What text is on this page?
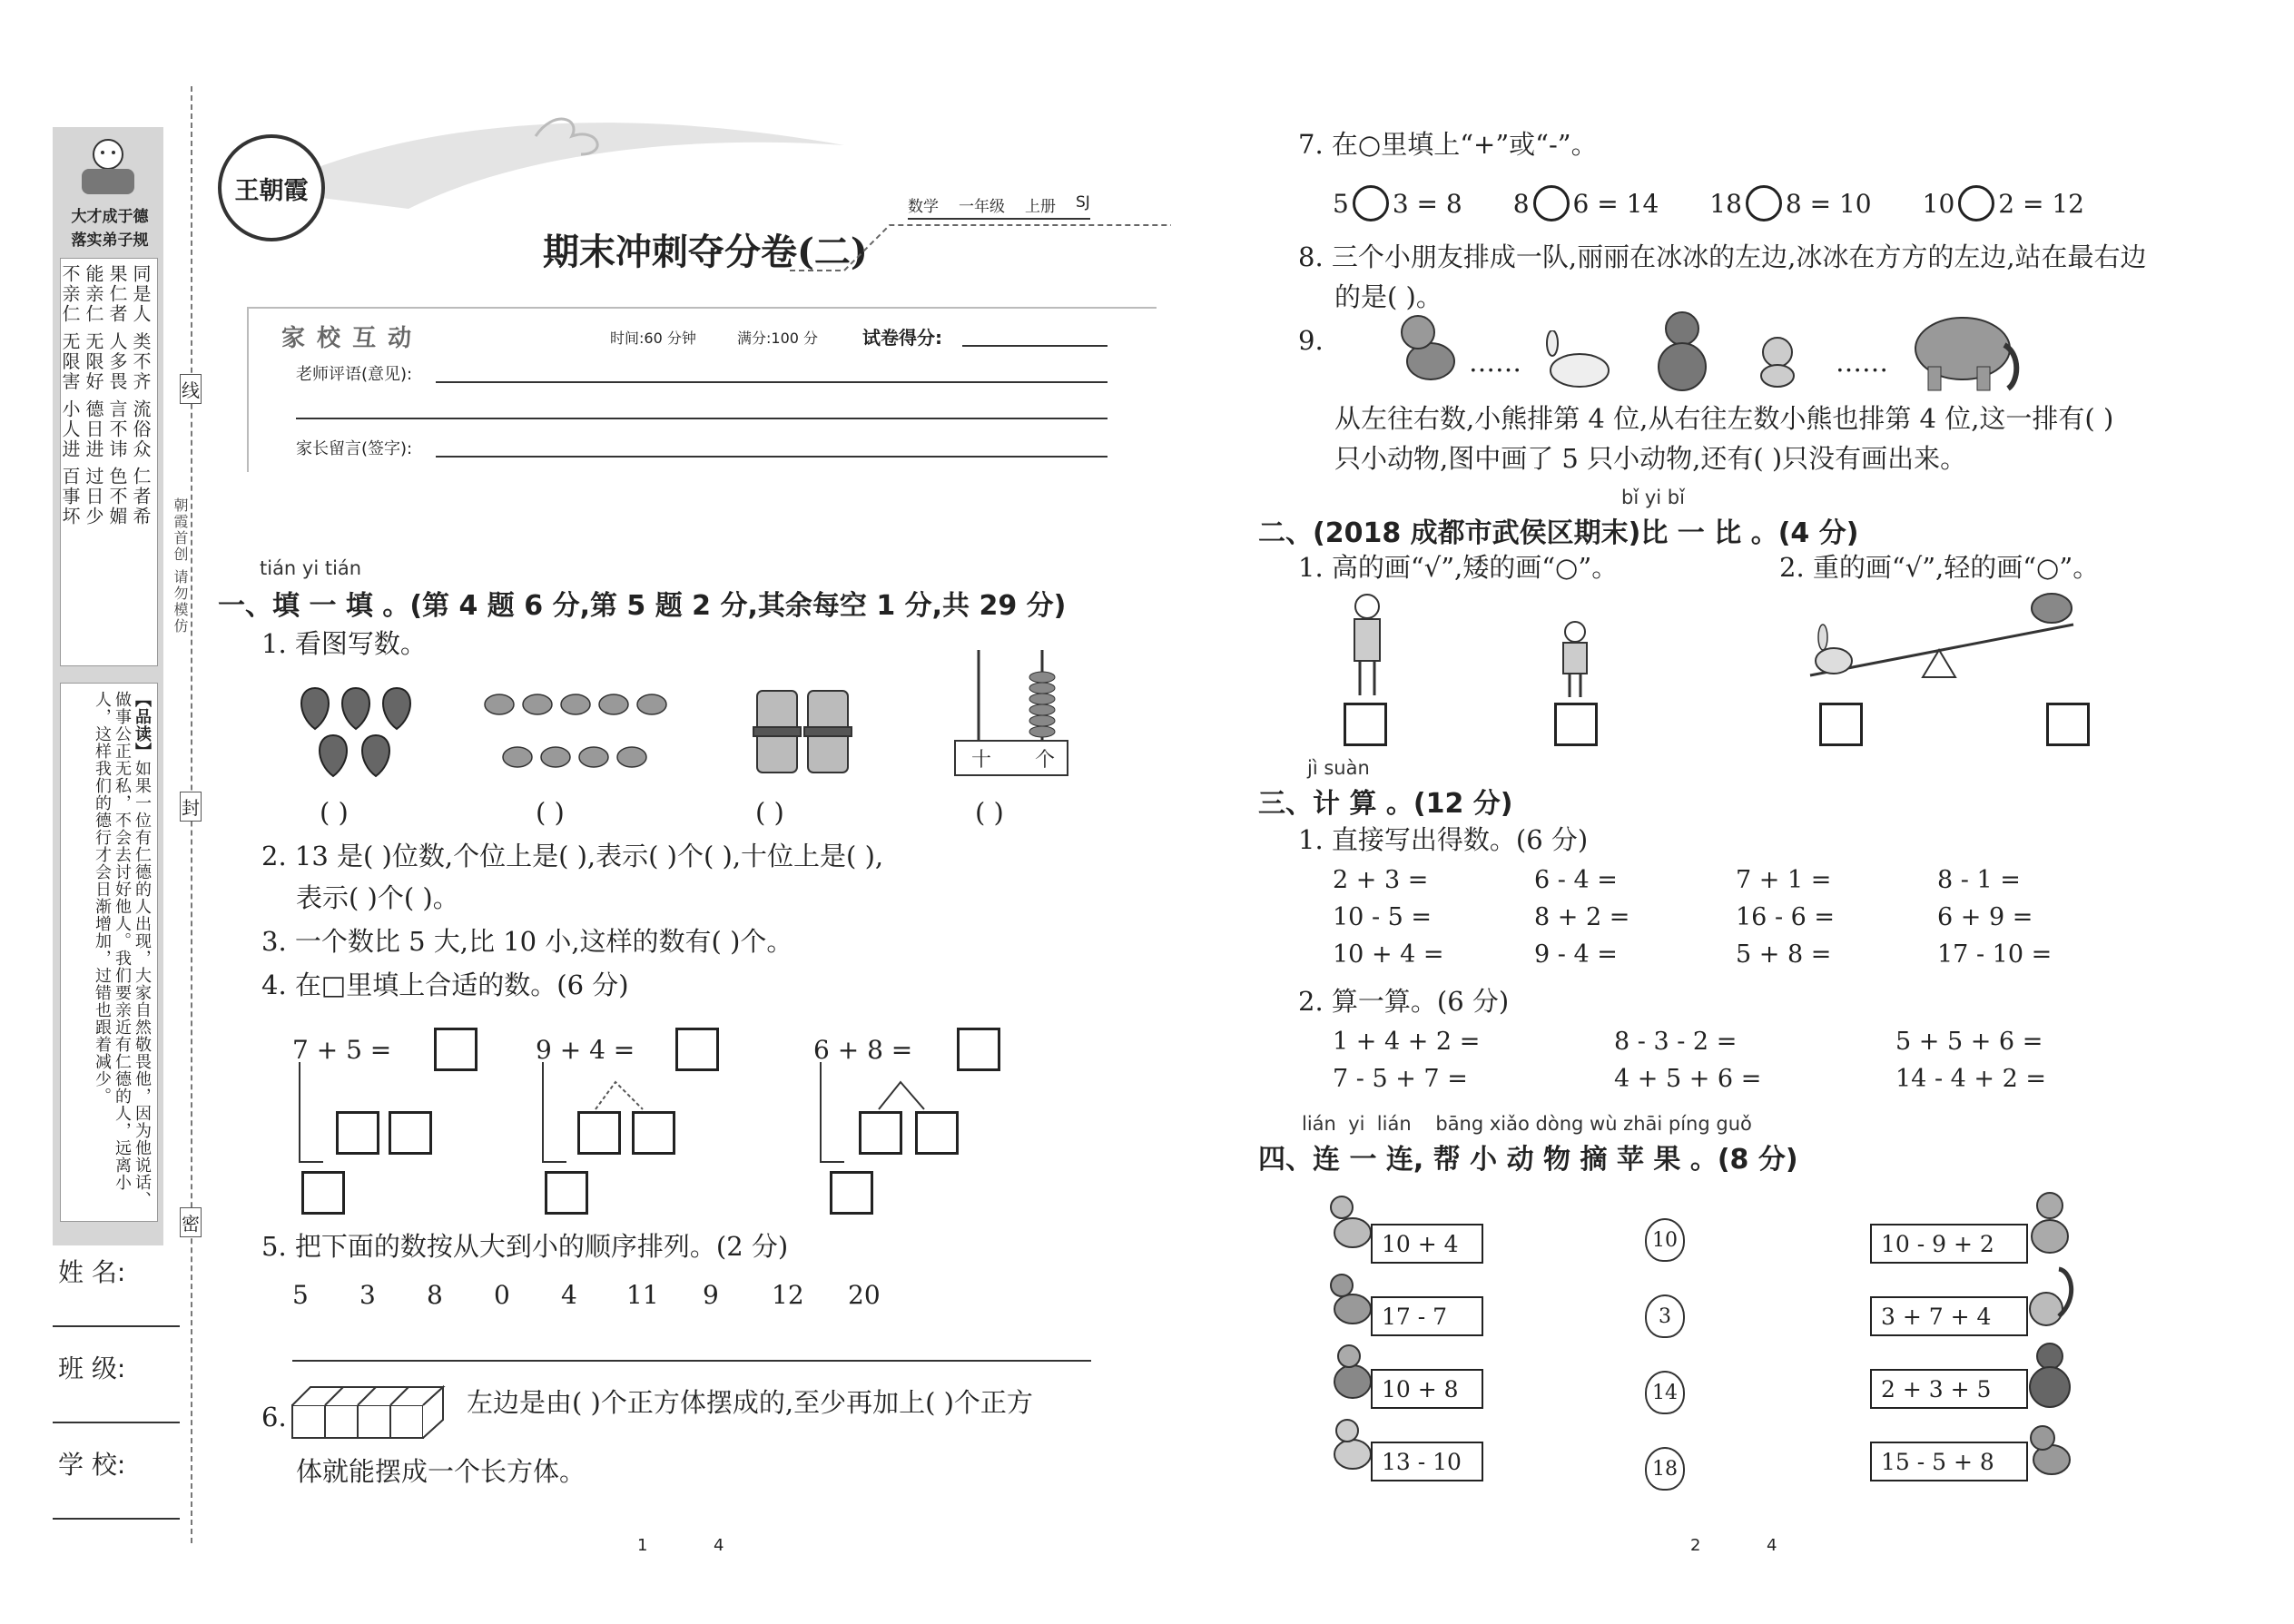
大才成于德
落实弟子规
同是人 类不齐 流俗众 仁者希
果仁者 人多畏 言不讳 色不媚
能亲仁 无限好 德日进 过日少
不亲仁 无限害 小人进 百事坏
【品读】如果一位有仁德的人出现，大家自然敬畏他，因为他说话、做事公正无私，不会去讨好他人。我们要亲近有仁德的人，远离小人，这样我们的德行才会日渐增加，过错也跟着减少。
姓 名:
班 级:
学 校:
线
封
密
朝霞首创 请勿模仿
王朝霞
期末冲刺夺分卷(二)
数学 一年级 上册 SJ
家 校 互 动	时间:60 分钟	满分:100 分 试卷得分:
老师评语(意见):
家长留言(签字):
tián yi tián
一、填 一 填 。(第 4 题 6 分,第 5 题 2 分,其余每空 1 分,共 29 分)
1. 看图写数。
十 个
( )	( )	( )	( )
2. 13 是( )位数,个位上是( ),表示( )个( ),十位上是( ),
表示( )个( )。
3. 一个数比 5 大,比 10 小,这样的数有( )个。
4. 在□里填上合适的数。(6 分)
7 + 5 =	9 + 4 =	6 + 8 =
5. 把下面的数按从大到小的顺序排列。(2 分)
5	3	8	0	4	11	9	12	20
6.	左边是由( )个正方体摆成的,至少再加上( )个正方
体就能摆成一个长方体。
1	4
7. 在○里填上“+”或“-”。
5 3 = 8 8 6 = 14 18 8 = 10 10 2 = 12
8. 三个小朋友排成一队,丽丽在冰冰的左边,冰冰在方方的左边,站在最右边
的是( )。
9.
……	……
从左往右数,小熊排第 4 位,从右往左数小熊也排第 4 位,这一排有( )
只小动物,图中画了 5 只小动物,还有( )只没有画出来。
bǐ yi bǐ
二、(2018 成都市武侯区期末)比 一 比 。(4 分)
1. 高的画“√”,矮的画“○”。	2. 重的画“√”,轻的画“○”。
jì suàn
三、计 算 。(12 分)
1. 直接写出得数。(6 分)
2 + 3 =	6 - 4 =	7 + 1 =	8 - 1 =
10 - 5 =	8 + 2 =	16 - 6 =	6 + 9 =
10 + 4 =	9 - 4 =	5 + 8 =	17 - 10 =
2. 算一算。(6 分)
1 + 4 + 2 =	8 - 3 - 2 =	5 + 5 + 6 =
7 - 5 + 7 =	4 + 5 + 6 =	14 - 4 + 2 =
lián  yi  lián    bāng xiǎo dòng wù zhāi píng guǒ
四、连 一 连, 帮 小 动 物 摘 苹 果 。(8 分)
10 + 4
17 - 7
10 + 8
13 - 10
10
3
14
18
10 - 9 + 2
3 + 7 + 4
2 + 3 + 5
15 - 5 + 8
2	4
